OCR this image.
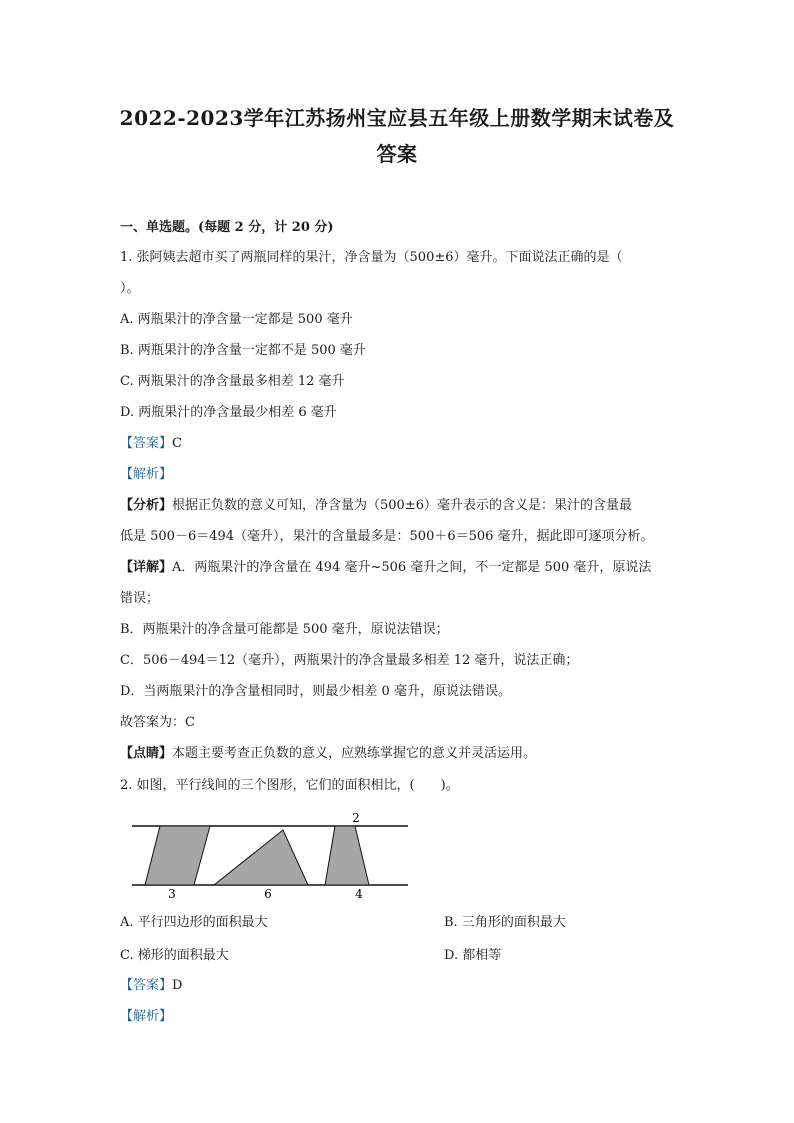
2022-2023学年江苏扬州宝应县五年级上册数学期末试卷及
答案
一、单选题。(每题 2 分，计 20 分)
1. 张阿姨去超市买了两瓶同样的果汁，净含量为（500±6）毫升。下面说法正确的是（
）。
A. 两瓶果汁的净含量一定都是 500 毫升
B. 两瓶果汁的净含量一定都不是 500 毫升
C. 两瓶果汁的净含量最多相差 12 毫升
D. 两瓶果汁的净含量最少相差 6 毫升
【答案】C
【解析】
【分析】根据正负数的意义可知，净含量为（500±6）毫升表示的含义是：果汁的含量最
低是 500－6＝494（毫升），果汁的含量最多是：500＋6＝506 毫升，据此即可逐项分析。
【详解】A．两瓶果汁的净含量在 494 毫升~506 毫升之间，不一定都是 500 毫升，原说法
错误；
B．两瓶果汁的净含量可能都是 500 毫升，原说法错误；
C．506－494＝12（毫升），两瓶果汁的净含量最多相差 12 毫升，说法正确；
D．当两瓶果汁的净含量相同时，则最少相差 0 毫升，原说法错误。
故答案为：C
【点睛】本题主要考查正负数的意义，应熟练掌握它的意义并灵活运用。
2. 如图，平行线间的三个图形，它们的面积相比，(　　)。
2
3	6	4
A. 平行四边形的面积最大	B. 三角形的面积最大
C. 梯形的面积最大	D. 都相等
【答案】D
【解析】
